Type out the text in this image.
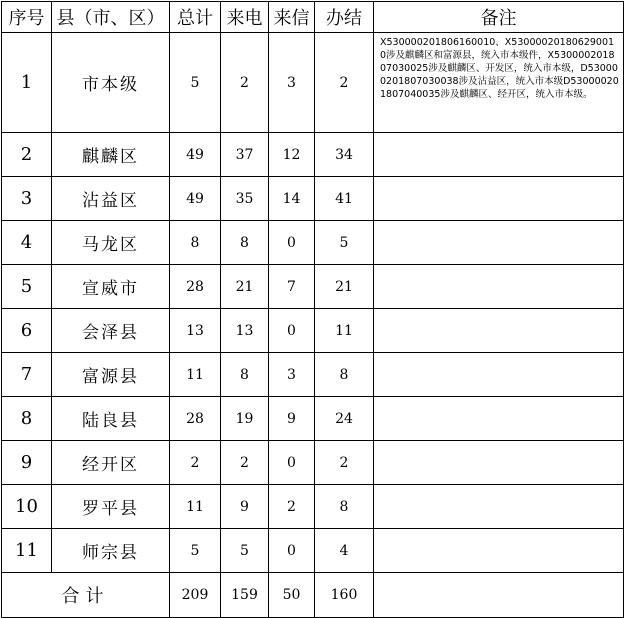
序号	县（市、区）	总计	来电	来信	办结	备注
1	市本级	5	2	3	2	X530000201806160010、X530000201806290010涉及麒麟区和富源县，统入市本级件，X530000201807030025涉及麒麟区、开发区，统入市本级，D530000201807030038涉及沾益区，统入市本级D530000201807040035涉及麒麟区、经开区，统入市本级。
2	麒麟区	49	37	12	34	
3	沾益区	49	35	14	41	
4	马龙区	8	8	0	5	
5	宣威市	28	21	7	21	
6	会泽县	13	13	0	11	
7	富源县	11	8	3	8	
8	陆良县	28	19	9	24	
9	经开区	2	2	0	2	
10	罗平县	11	9	2	8	
11	师宗县	5	5	0	4	
合计		209	159	50	160	
